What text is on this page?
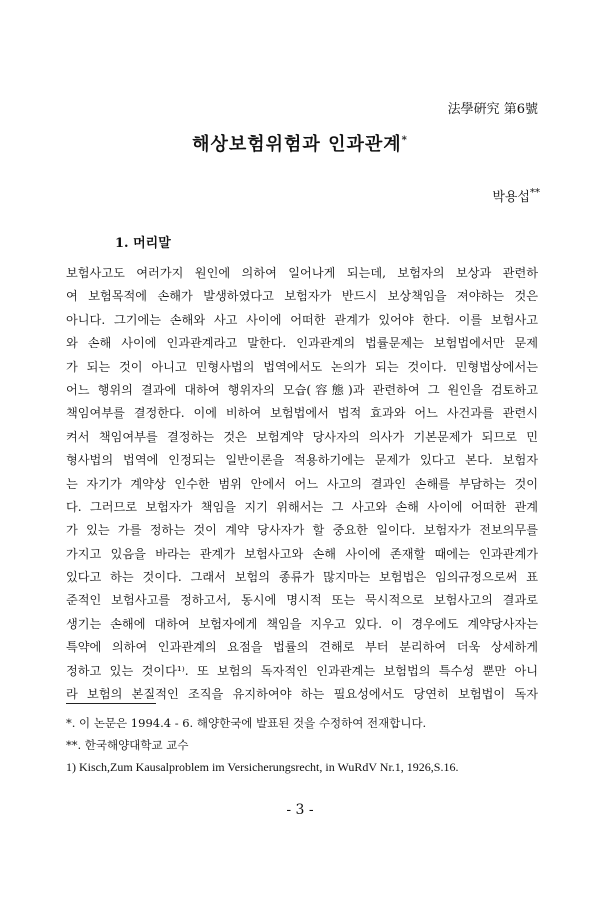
法學硏究 第6號
해상보험위험과 인과관계*
박용섭**
1. 머리말
보험사고도 여러가지 원인에 의하여 일어나게 되는데, 보험자의 보상과 관련하
여 보험목적에 손해가 발생하였다고 보험자가 반드시 보상책임을 져야하는 것은
아니다. 그기에는 손해와 사고 사이에 어떠한 관계가 있어야 한다. 이를 보험사고
와 손해 사이에 인과관계라고 말한다. 인과관계의 법률문제는 보험법에서만 문제
가 되는 것이 아니고 민형사법의 법역에서도 논의가 되는 것이다. 민형법상에서는
어느 행위의 결과에 대하여 행위자의 모습(容態)과 관련하여 그 원인을 검토하고
책임여부를 결정한다. 이에 비하여 보험법에서 법적 효과와 어느 사건과를 관련시
켜서 책임여부를 결정하는 것은 보험계약 당사자의 의사가 기본문제가 되므로 민
형사법의 법역에 인정되는 일반이론을 적용하기에는 문제가 있다고 본다. 보험자
는 자기가 계약상 인수한 범위 안에서 어느 사고의 결과인 손해를 부담하는 것이
다. 그러므로 보험자가 책임을 지기 위해서는 그 사고와 손해 사이에 어떠한 관계
가 있는 가를 정하는 것이 계약 당사자가 할 중요한 일이다. 보험자가 전보의무를
가지고 있음을 바라는 관계가 보험사고와 손해 사이에 존재할 때에는 인과관계가
있다고 하는 것이다. 그래서 보험의 종류가 많지마는 보험법은 임의규정으로써 표
준적인 보험사고를 정하고서, 동시에 명시적 또는 묵시적으로 보험사고의 결과로
생기는 손해에 대하여 보험자에게 책임을 지우고 있다. 이 경우에도 계약당사자는
특약에 의하여 인과관계의 요점을 법률의 견해로 부터 분리하여 더욱 상세하게
정하고 있는 것이다¹⁾. 또 보험의 독자적인 인과관계는 보험법의 특수성 뿐만 아니
라 보험의 본질적인 조직을 유지하여야 하는 필요성에서도 당연히 보험법이 독자
*. 이 논문은 1994.4 - 6. 해양한국에 발표된 것을 수정하여 전재합니다.
**. 한국해양대학교 교수
1) Kisch,Zum Kausalproblem im Versicherungsrecht, in WuRdV Nr.1, 1926,S.16.
- 3 -
